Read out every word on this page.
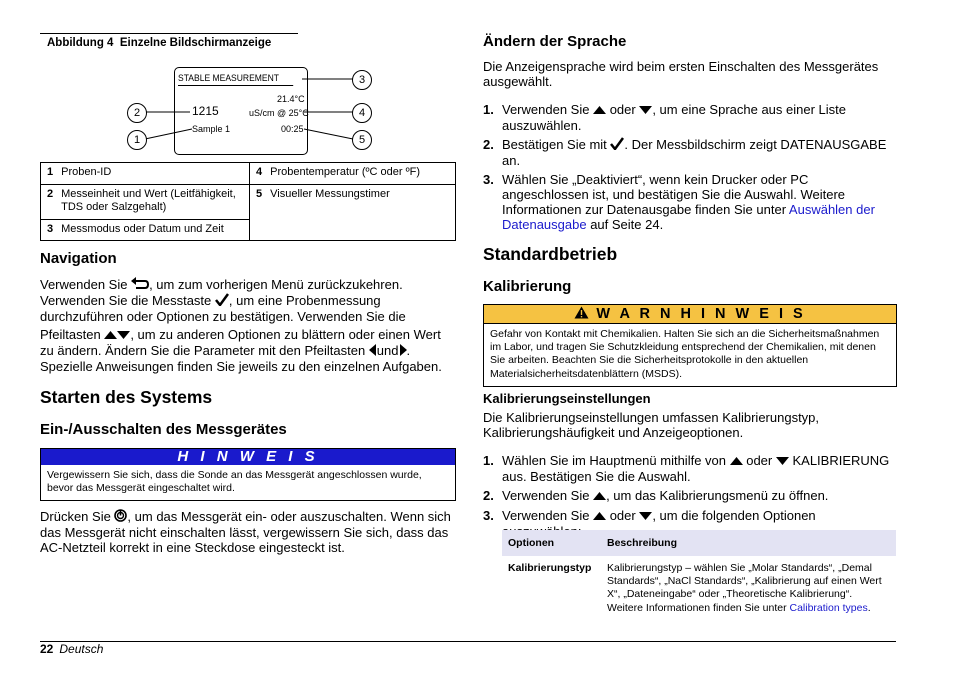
Abbildung 4  Einzelne Bildschirmanzeige
STABLE MEASUREMENT
1215
21.4°C
uS/cm @ 25°C
Sample 1	00:25
2
1
3
4
5
1 Proben-ID	4 Probentemperatur (ºC oder ºF)

2 Messeinheit und Wert (Leitfähigkeit, TDS oder Salzgehalt)	5 Visueller Messungstimer
3 Messmodus oder Datum und Zeit	
Navigation

Verwenden Sie , um zum vorherigen Menü zurückzukehren. Verwenden Sie die Messtaste , um eine Probenmessung durchzuführen oder Optionen zu bestätigen. Verwenden Sie die

Pfeiltasten , um zu anderen Optionen zu blättern oder einen Wert zu ändern. Ändern Sie die Parameter mit den Pfeiltasten und . Spezielle Anweisungen finden Sie jeweils zu den einzelnen Aufgaben.

Starten des Systems
Ein-/Ausschalten des Messgerätes
H I N W E I S
Vergewissern Sie sich, dass die Sonde an das Messgerät angeschlossen wurde, bevor das Messgerät eingeschaltet wird.
Drücken Sie , um das Messgerät ein- oder auszuschalten. Wenn sich das Messgerät nicht einschalten lässt, vergewissern Sie sich, dass das AC-Netzteil korrekt in eine Steckdose eingesteckt ist.
Ändern der Sprache
Die Anzeigensprache wird beim ersten Einschalten des Messgerätes ausgewählt.
1. Verwenden Sie  oder , um eine Sprache aus einer Liste auszuwählen.
2. Bestätigen Sie mit . Der Messbildschirm zeigt DATENAUSGABE an.
3. Wählen Sie „Deaktiviert“, wenn kein Drucker oder PC angeschlossen ist, und bestätigen Sie die Auswahl. Weitere Informationen zur Datenausgabe finden Sie unter Auswählen der Datenausgabe auf Seite 24.
Standardbetrieb
Kalibrierung
W A R N H I N W E I S
Gefahr von Kontakt mit Chemikalien. Halten Sie sich an die Sicherheitsmaßnahmen im Labor, und tragen Sie Schutzkleidung entsprechend der Chemikalien, mit denen Sie arbeiten. Beachten Sie die Sicherheitsprotokolle in den aktuellen Materialsicherheitsdatenblättern (MSDS).
Kalibrierungseinstellungen
Die Kalibrierungseinstellungen umfassen Kalibrierungstyp, Kalibrierungshäufigkeit und Anzeigeoptionen.
1. Wählen Sie im Hauptmenü mithilfe von  oder  KALIBRIERUNG aus. Bestätigen Sie die Auswahl.
2. Verwenden Sie , um das Kalibrierungsmenü zu öffnen.
3. Verwenden Sie  oder , um die folgenden Optionen
Optionen	Beschreibung
Kalibrierungstyp	Kalibrierungstyp – wählen Sie „Molar Standards“, „Demal Standards“, „NaCl Standards“, „Kalibrierung auf einen Wert X“, „Dateneingabe“ oder „Theoretische Kalibrierung“. Weitere Informationen finden Sie unter Calibration types.
22 Deutsch
